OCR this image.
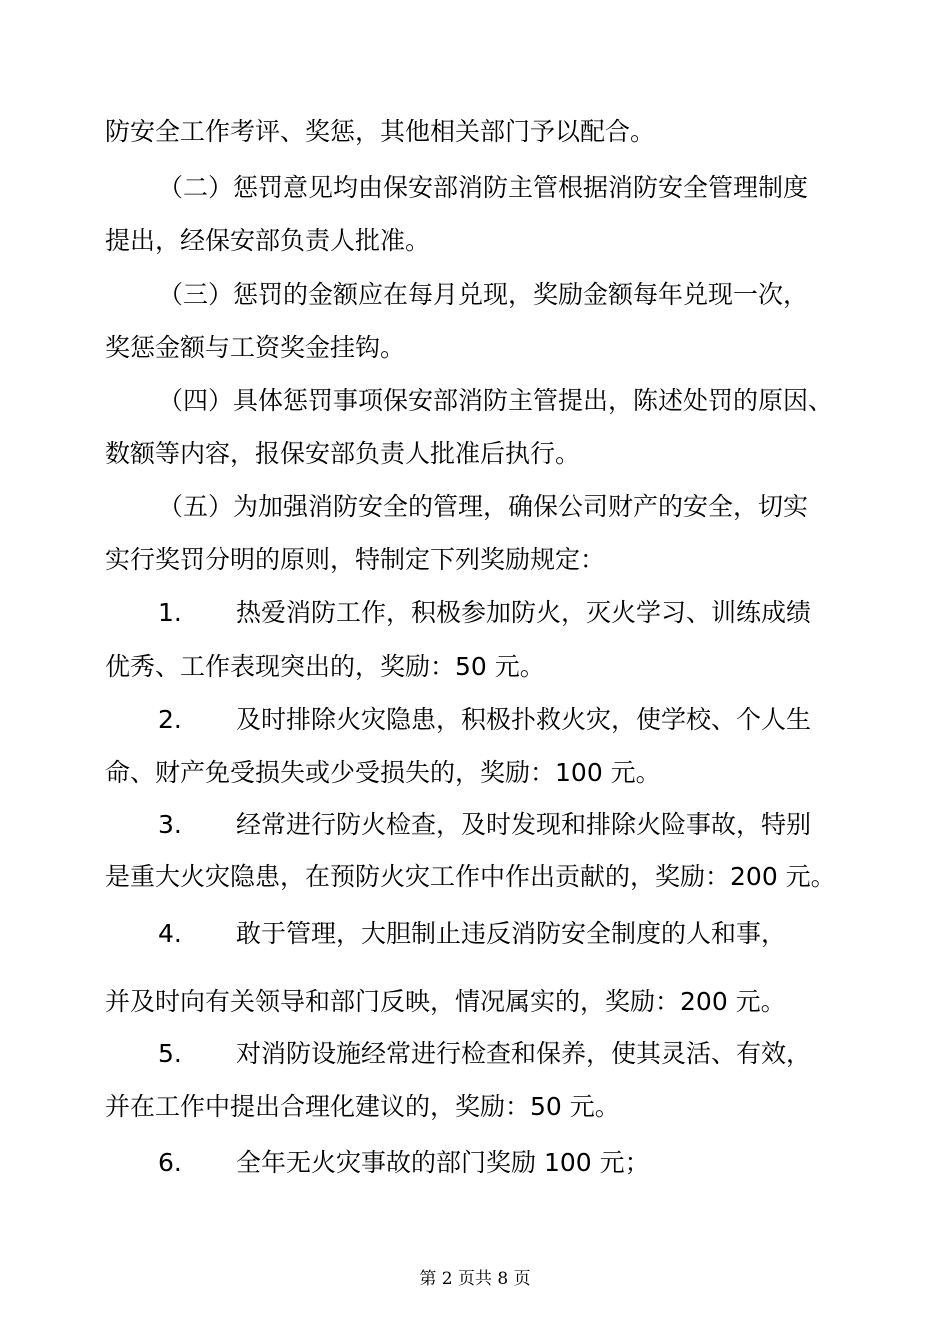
防安全工作考评、奖惩，其他相关部门予以配合。
（二）惩罚意见均由保安部消防主管根据消防安全管理制度
提出，经保安部负责人批准。
（三）惩罚的金额应在每月兑现，奖励金额每年兑现一次，
奖惩金额与工资奖金挂钩。
（四）具体惩罚事项保安部消防主管提出，陈述处罚的原因、
数额等内容，报保安部负责人批准后执行。
（五）为加强消防安全的管理，确保公司财产的安全，切实
实行奖罚分明的原则，特制定下列奖励规定：
1. 热爱消防工作，积极参加防火，灭火学习、训练成绩
优秀、工作表现突出的，奖励：50 元。
2. 及时排除火灾隐患，积极扑救火灾，使学校、个人生
命、财产免受损失或少受损失的，奖励：100 元。
3. 经常进行防火检查，及时发现和排除火险事故，特别
是重大火灾隐患，在预防火灾工作中作出贡献的，奖励：200 元。
4. 敢于管理，大胆制止违反消防安全制度的人和事，
并及时向有关领导和部门反映，情况属实的，奖励：200 元。
5. 对消防设施经常进行检查和保养，使其灵活、有效，
并在工作中提出合理化建议的，奖励：50 元。
6. 全年无火灾事故的部门奖励 100 元；
第 2 页共 8 页
